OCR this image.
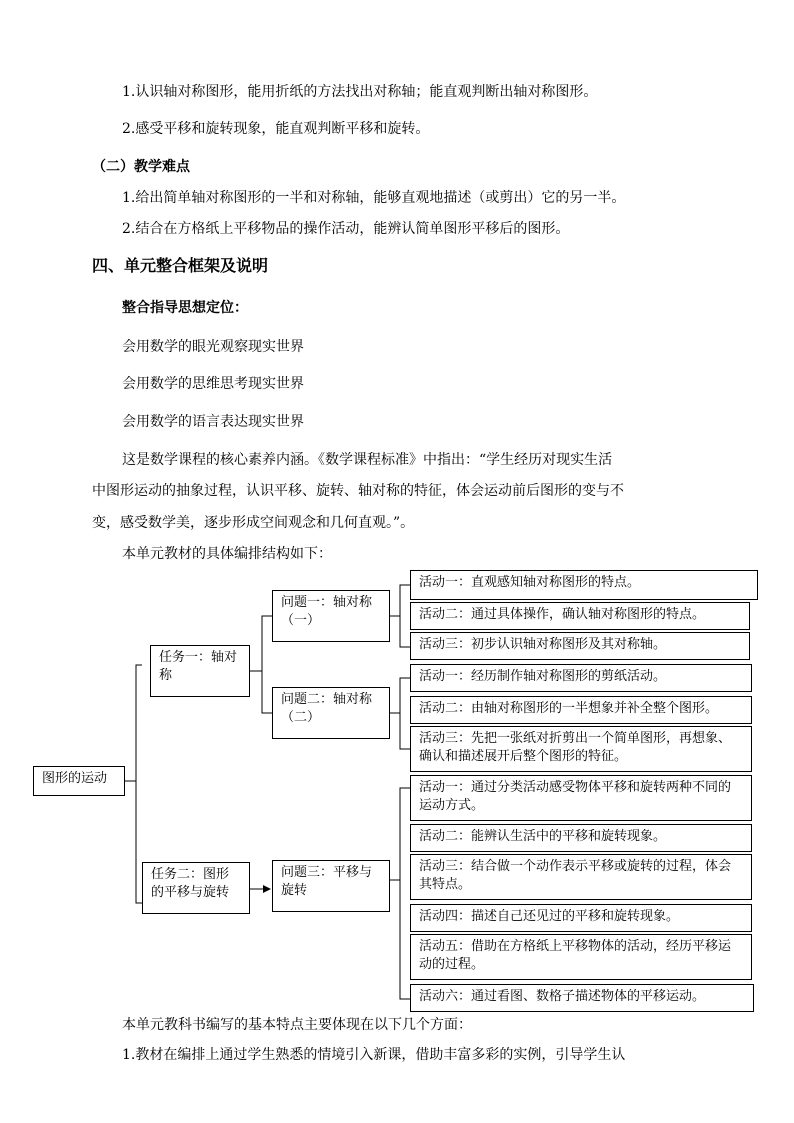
1.认识轴对称图形，能用折纸的方法找出对称轴；能直观判断出轴对称图形。
2.感受平移和旋转现象，能直观判断平移和旋转。
（二）教学难点
1.给出简单轴对称图形的一半和对称轴，能够直观地描述（或剪出）它的另一半。
2.结合在方格纸上平移物品的操作活动，能辨认简单图形平移后的图形。
四、单元整合框架及说明
整合指导思想定位：
会用数学的眼光观察现实世界
会用数学的思维思考现实世界
会用数学的语言表达现实世界
这是数学课程的核心素养内涵。《数学课程标准》中指出：“学生经历对现实生活
中图形运动的抽象过程，认识平移、旋转、轴对称的特征，体会运动前后图形的变与不
变，感受数学美，逐步形成空间观念和几何直观。”。
本单元教材的具体编排结构如下：
图形的运动
任务一：轴对称
任务二：图形的平移与旋转
问题一：轴对称（一）
问题二：轴对称（二）
问题三：平移与旋转
活动一：直观感知轴对称图形的特点。
活动二：通过具体操作，确认轴对称图形的特点。
活动三：初步认识轴对称图形及其对称轴。
活动一：经历制作轴对称图形的剪纸活动。
活动二：由轴对称图形的一半想象并补全整个图形。
活动三：先把一张纸对折剪出一个简单图形，再想象、确认和描述展开后整个图形的特征。
活动一：通过分类活动感受物体平移和旋转两种不同的运动方式。
活动二：能辨认生活中的平移和旋转现象。
活动三：结合做一个动作表示平移或旋转的过程，体会其特点。
活动四：描述自己还见过的平移和旋转现象。
活动五：借助在方格纸上平移物体的活动，经历平移运动的过程。
活动六：通过看图、数格子描述物体的平移运动。
本单元教科书编写的基本特点主要体现在以下几个方面：
1.教材在编排上通过学生熟悉的情境引入新课，借助丰富多彩的实例，引导学生认
